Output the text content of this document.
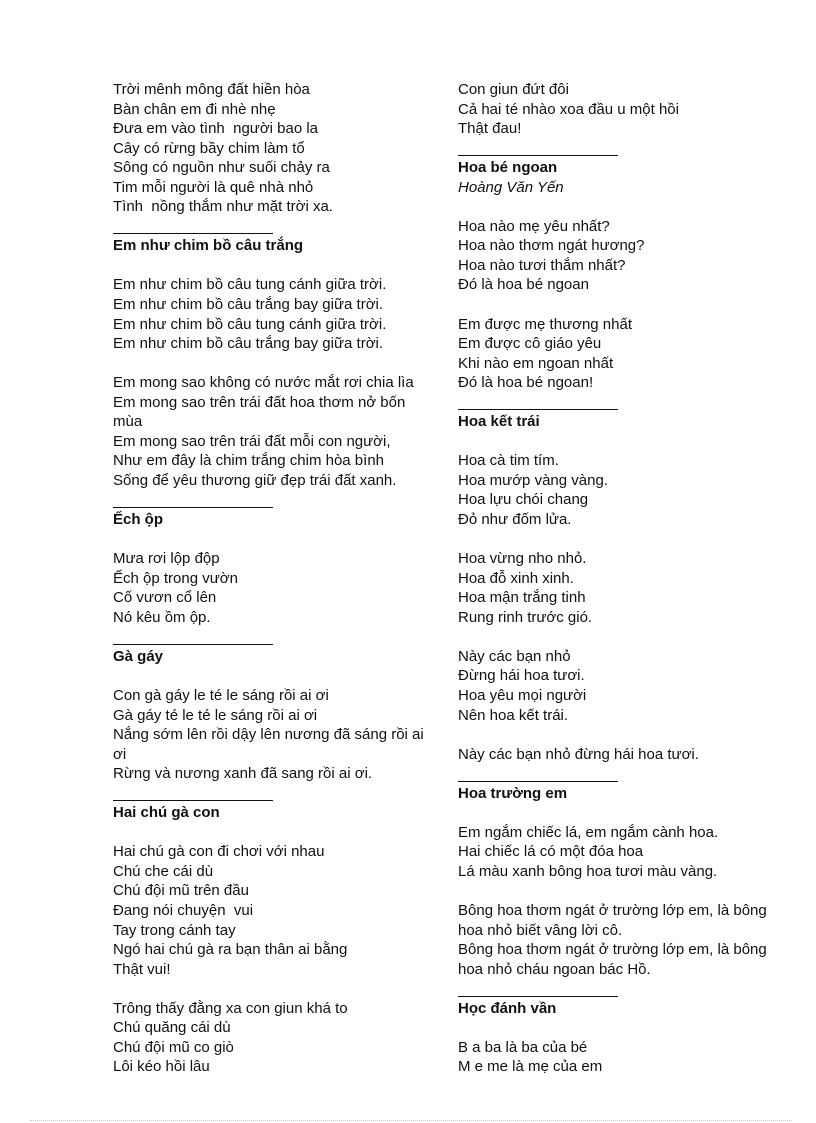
Trời mênh mông đất hiền hòa
Bàn chân em đi nhè nhẹ
Đưa em vào tình  người bao la
Cây có rừng bầy chim làm tổ
Sông có nguồn như suối chảy ra
Tim mỗi người là quê nhà nhỏ
Tình  nồng thắm như mặt trời xa.
Em như chim bồ câu trắng
Em như chim bồ câu tung cánh giữa trời.
Em như chim bồ câu trắng bay giữa trời.
Em như chim bồ câu tung cánh giữa trời.
Em như chim bồ câu trắng bay giữa trời.
Em mong sao không có nước mắt rơi chia lìa
Em mong sao trên trái đất hoa thơm nở bốn
mùa
Em mong sao trên trái đất mỗi con người,
Như em đây là chim trắng chim hòa bình
Sống để yêu thương giữ đẹp trái đất xanh.
Ếch ộp
Mưa rơi lộp độp
Ếch ộp trong vườn
Cố vươn cổ lên
Nó kêu ồm ộp.
Gà gáy
Con gà gáy le té le sáng rồi ai ơi
Gà gáy té le té le sáng rồi ai ơi
Nắng sớm lên rồi dậy lên nương đã sáng rồi ai
ơi
Rừng và nương xanh đã sang rồi ai ơi.
Hai chú gà con
Hai chú gà con đi chơi với nhau
Chú che cái dù
Chú đội mũ trên đầu
Đang nói chuyện  vui
Tay trong cánh tay
Ngó hai chú gà ra bạn thân ai bằng
Thật vui!
Trông thấy đằng xa con giun khá to
Chú quăng cái dù
Chú đội mũ co giò
Lôi kéo hồi lâu
Con giun đứt đôi
Cả hai té nhào xoa đầu u một hồi
Thật đau!
Hoa bé ngoan
Hoàng Văn Yến
Hoa nào mẹ yêu nhất?
Hoa nào thơm ngát hương?
Hoa nào tươi thắm nhất?
Đó là hoa bé ngoan
Em được mẹ thương nhất
Em được cô giáo yêu
Khi nào em ngoan nhất
Đó là hoa bé ngoan!
Hoa kết trái
Hoa cà tim tím.
Hoa mướp vàng vàng.
Hoa lựu chói chang
Đỏ như đốm lửa.
Hoa vừng nho nhỏ.
Hoa đỗ xinh xinh.
Hoa mận trắng tinh
Rung rinh trước gió.
Này các bạn nhỏ
Đừng hái hoa tươi.
Hoa yêu mọi người
Nên hoa kết trái.
Này các bạn nhỏ đừng hái hoa tươi.
Hoa trường em
Em ngắm chiếc lá, em ngắm cành hoa.
Hai chiếc lá có một đóa hoa
Lá màu xanh bông hoa tươi màu vàng.
Bông hoa thơm ngát ở trường lớp em, là bông
hoa nhỏ biết vâng lời cô.
Bông hoa thơm ngát ở trường lớp em, là bông
hoa nhỏ cháu ngoan bác Hồ.
Học đánh vần
B a ba là ba của bé
M e me là mẹ của em
